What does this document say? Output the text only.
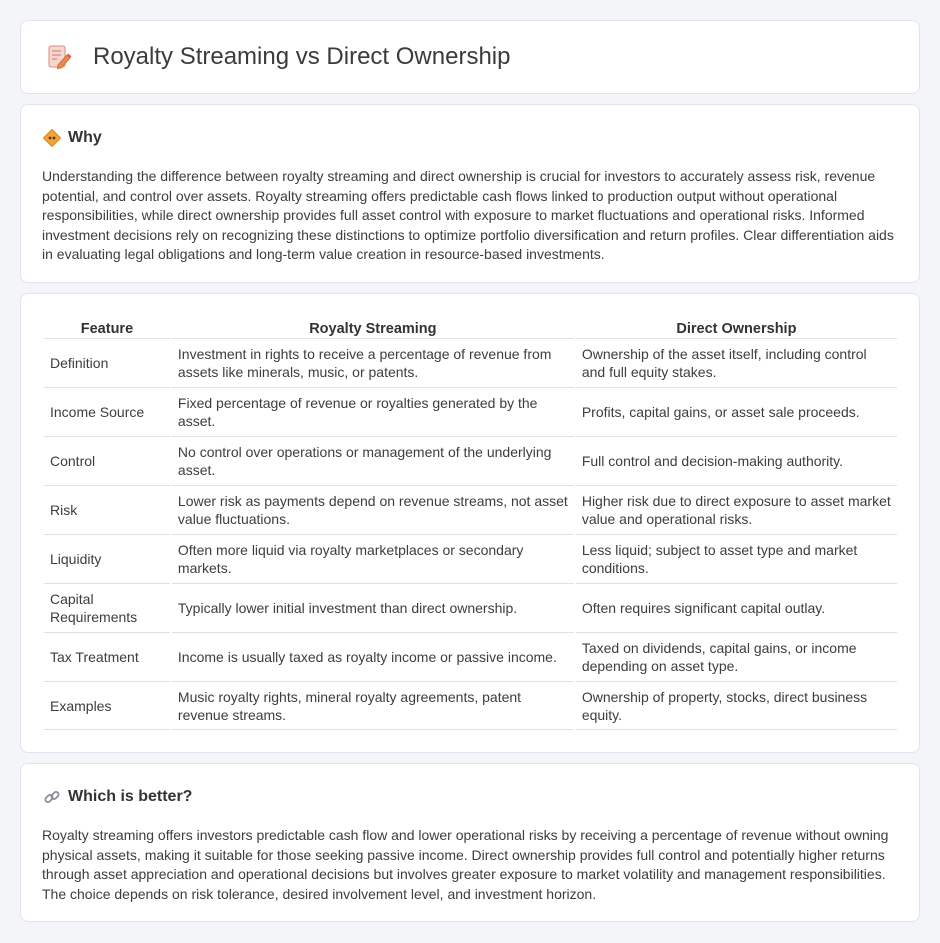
Royalty Streaming vs Direct Ownership
Why

Understanding the difference between royalty streaming and direct ownership is crucial for investors to accurately assess risk, revenue potential, and control over assets. Royalty streaming offers predictable cash flows linked to production output without operational responsibilities, while direct ownership provides full asset control with exposure to market fluctuations and operational risks. Informed investment decisions rely on recognizing these distinctions to optimize portfolio diversification and return profiles. Clear differentiation aids in evaluating legal obligations and long-term value creation in resource-based investments.

Feature	Royalty Streaming	Direct Ownership
Definition	Investment in rights to receive a percentage of revenue from assets like minerals, music, or patents.	Ownership of the asset itself, including control and full equity stakes.
Income Source	Fixed percentage of revenue or royalties generated by the asset.	Profits, capital gains, or asset sale proceeds.
Control	No control over operations or management of the underlying asset.	Full control and decision-making authority.
Risk	Lower risk as payments depend on revenue streams, not asset value fluctuations.	Higher risk due to direct exposure to asset market value and operational risks.
Liquidity	Often more liquid via royalty marketplaces or secondary markets.	Less liquid; subject to asset type and market conditions.
Capital Requirements	Typically lower initial investment than direct ownership.	Often requires significant capital outlay.
Tax Treatment	Income is usually taxed as royalty income or passive income.	Taxed on dividends, capital gains, or income depending on asset type.
Examples	Music royalty rights, mineral royalty agreements, patent revenue streams.	Ownership of property, stocks, direct business equity.
Which is better?

Royalty streaming offers investors predictable cash flow and lower operational risks by receiving a percentage of revenue without owning physical assets, making it suitable for those seeking passive income. Direct ownership provides full control and potentially higher returns through asset appreciation and operational decisions but involves greater exposure to market volatility and management responsibilities. The choice depends on risk tolerance, desired involvement level, and investment horizon.
